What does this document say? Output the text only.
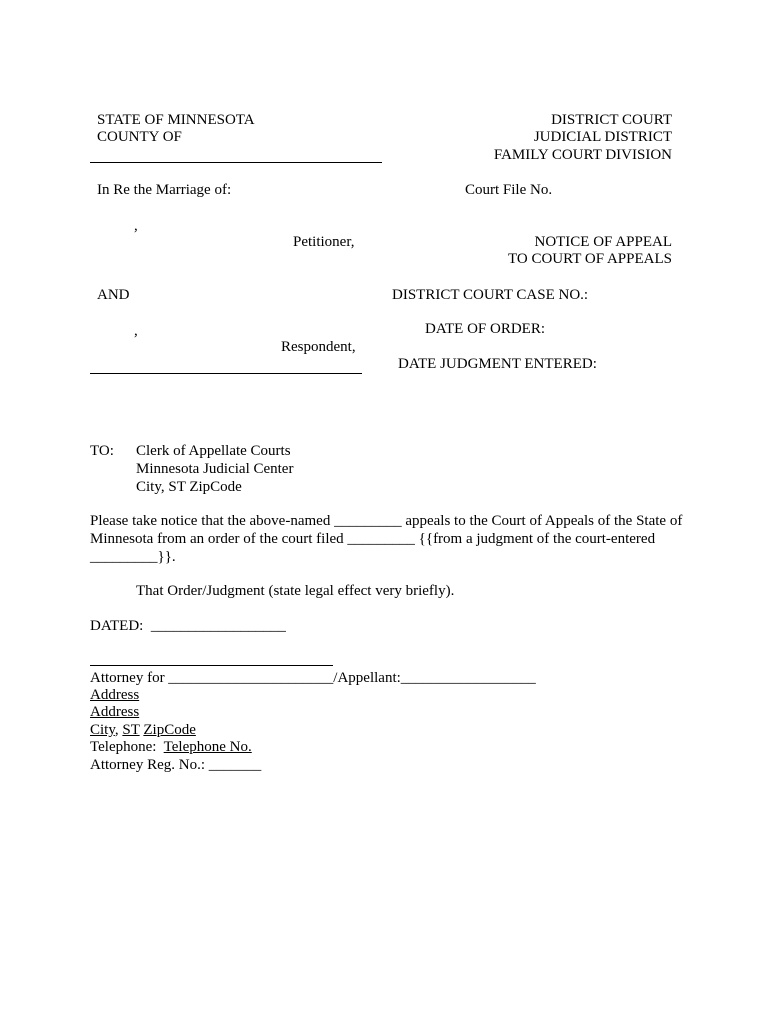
STATE OF MINNESOTA
COUNTY OF
DISTRICT COURT
JUDICIAL DISTRICT
FAMILY COURT DIVISION
In Re the Marriage of:	Court File No.
,
Petitioner,	NOTICE OF APPEAL
TO COURT OF APPEALS
AND	DISTRICT COURT CASE NO.:
DATE OF ORDER:
,
Respondent,
DATE JUDGMENT ENTERED:
TO: Clerk of Appellate Courts
Minnesota Judicial Center
City, ST ZipCode
Please take notice that the above-named _________ appeals to the Court of Appeals of the State of
Minnesota from an order of the court filed _________ {{from a judgment of the court-entered
_________}}.
That Order/Judgment (state legal effect very briefly).
DATED:  __________________
Attorney for ______________________/Appellant:__________________
Address
Address
City, ST ZipCode
Telephone:  Telephone No.
Attorney Reg. No.: _______
